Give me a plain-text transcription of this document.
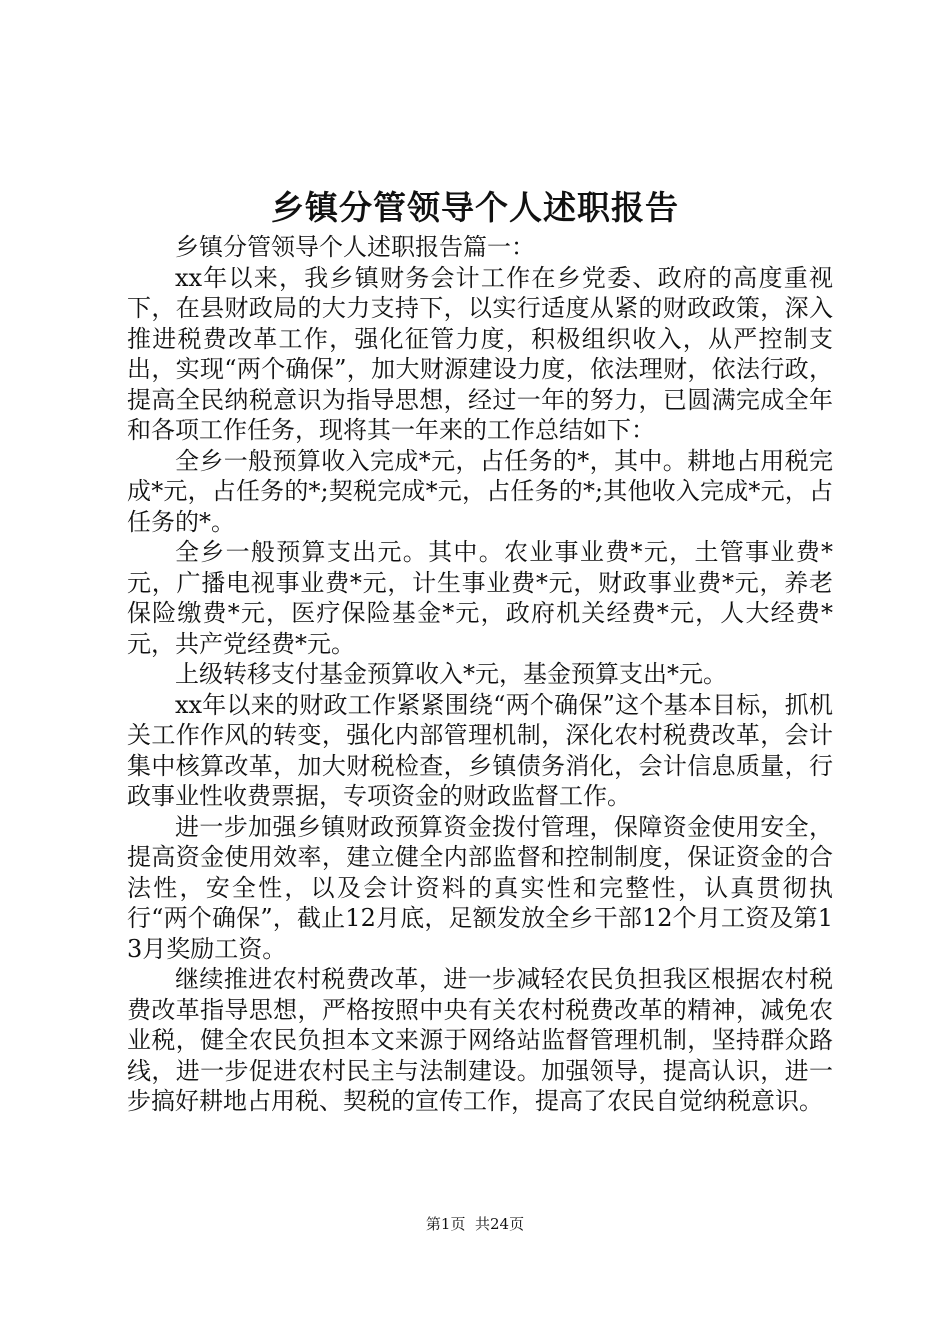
乡镇分管领导个人述职报告

乡镇分管领导个人述职报告篇一：

xx年以来，我乡镇财务会计工作在乡党委、政府的高度重视下，在县财政局的大力支持下，以实行适度从紧的财政政策，深入推进税费改革工作，强化征管力度，积极组织收入，从严控制支出，实现“两个确保”，加大财源建设力度，依法理财，依法行政，提高全民纳税意识为指导思想，经过一年的努力，已圆满完成全年和各项工作任务，现将其一年来的工作总结如下：

全乡一般预算收入完成*元，占任务的*，其中。耕地占用税完成*元，占任务的*;契税完成*元，占任务的*;其他收入完成*元，占任务的*。

全乡一般预算支出元。其中。农业事业费*元，土管事业费*元，广播电视事业费*元，计生事业费*元，财政事业费*元，养老保险缴费*元，医疗保险基金*元，政府机关经费*元，人大经费*元，共产党经费*元。

上级转移支付基金预算收入*元，基金预算支出*元。

xx年以来的财政工作紧紧围绕“两个确保”这个基本目标，抓机关工作作风的转变，强化内部管理机制，深化农村税费改革，会计集中核算改革，加大财税检查，乡镇债务消化，会计信息质量，行政事业性收费票据，专项资金的财政监督工作。

进一步加强乡镇财政预算资金拨付管理，保障资金使用安全，提高资金使用效率，建立健全内部监督和控制制度，保证资金的合法性，安全性，以及会计资料的真实性和完整性，认真贯彻执行“两个确保”，截止12月底，足额发放全乡干部12个月工资及第13月奖励工资。

继续推进农村税费改革，进一步减轻农民负担我区根据农村税费改革指导思想，严格按照中央有关农村税费改革的精神，减免农业税，健全农民负担本文来源于网络站监督管理机制，坚持群众路线，进一步促进农村民主与法制建设。加强领导，提高认识，进一步搞好耕地占用税、契税的宣传工作，提高了农民自觉纳税意识。

第1页  共24页
